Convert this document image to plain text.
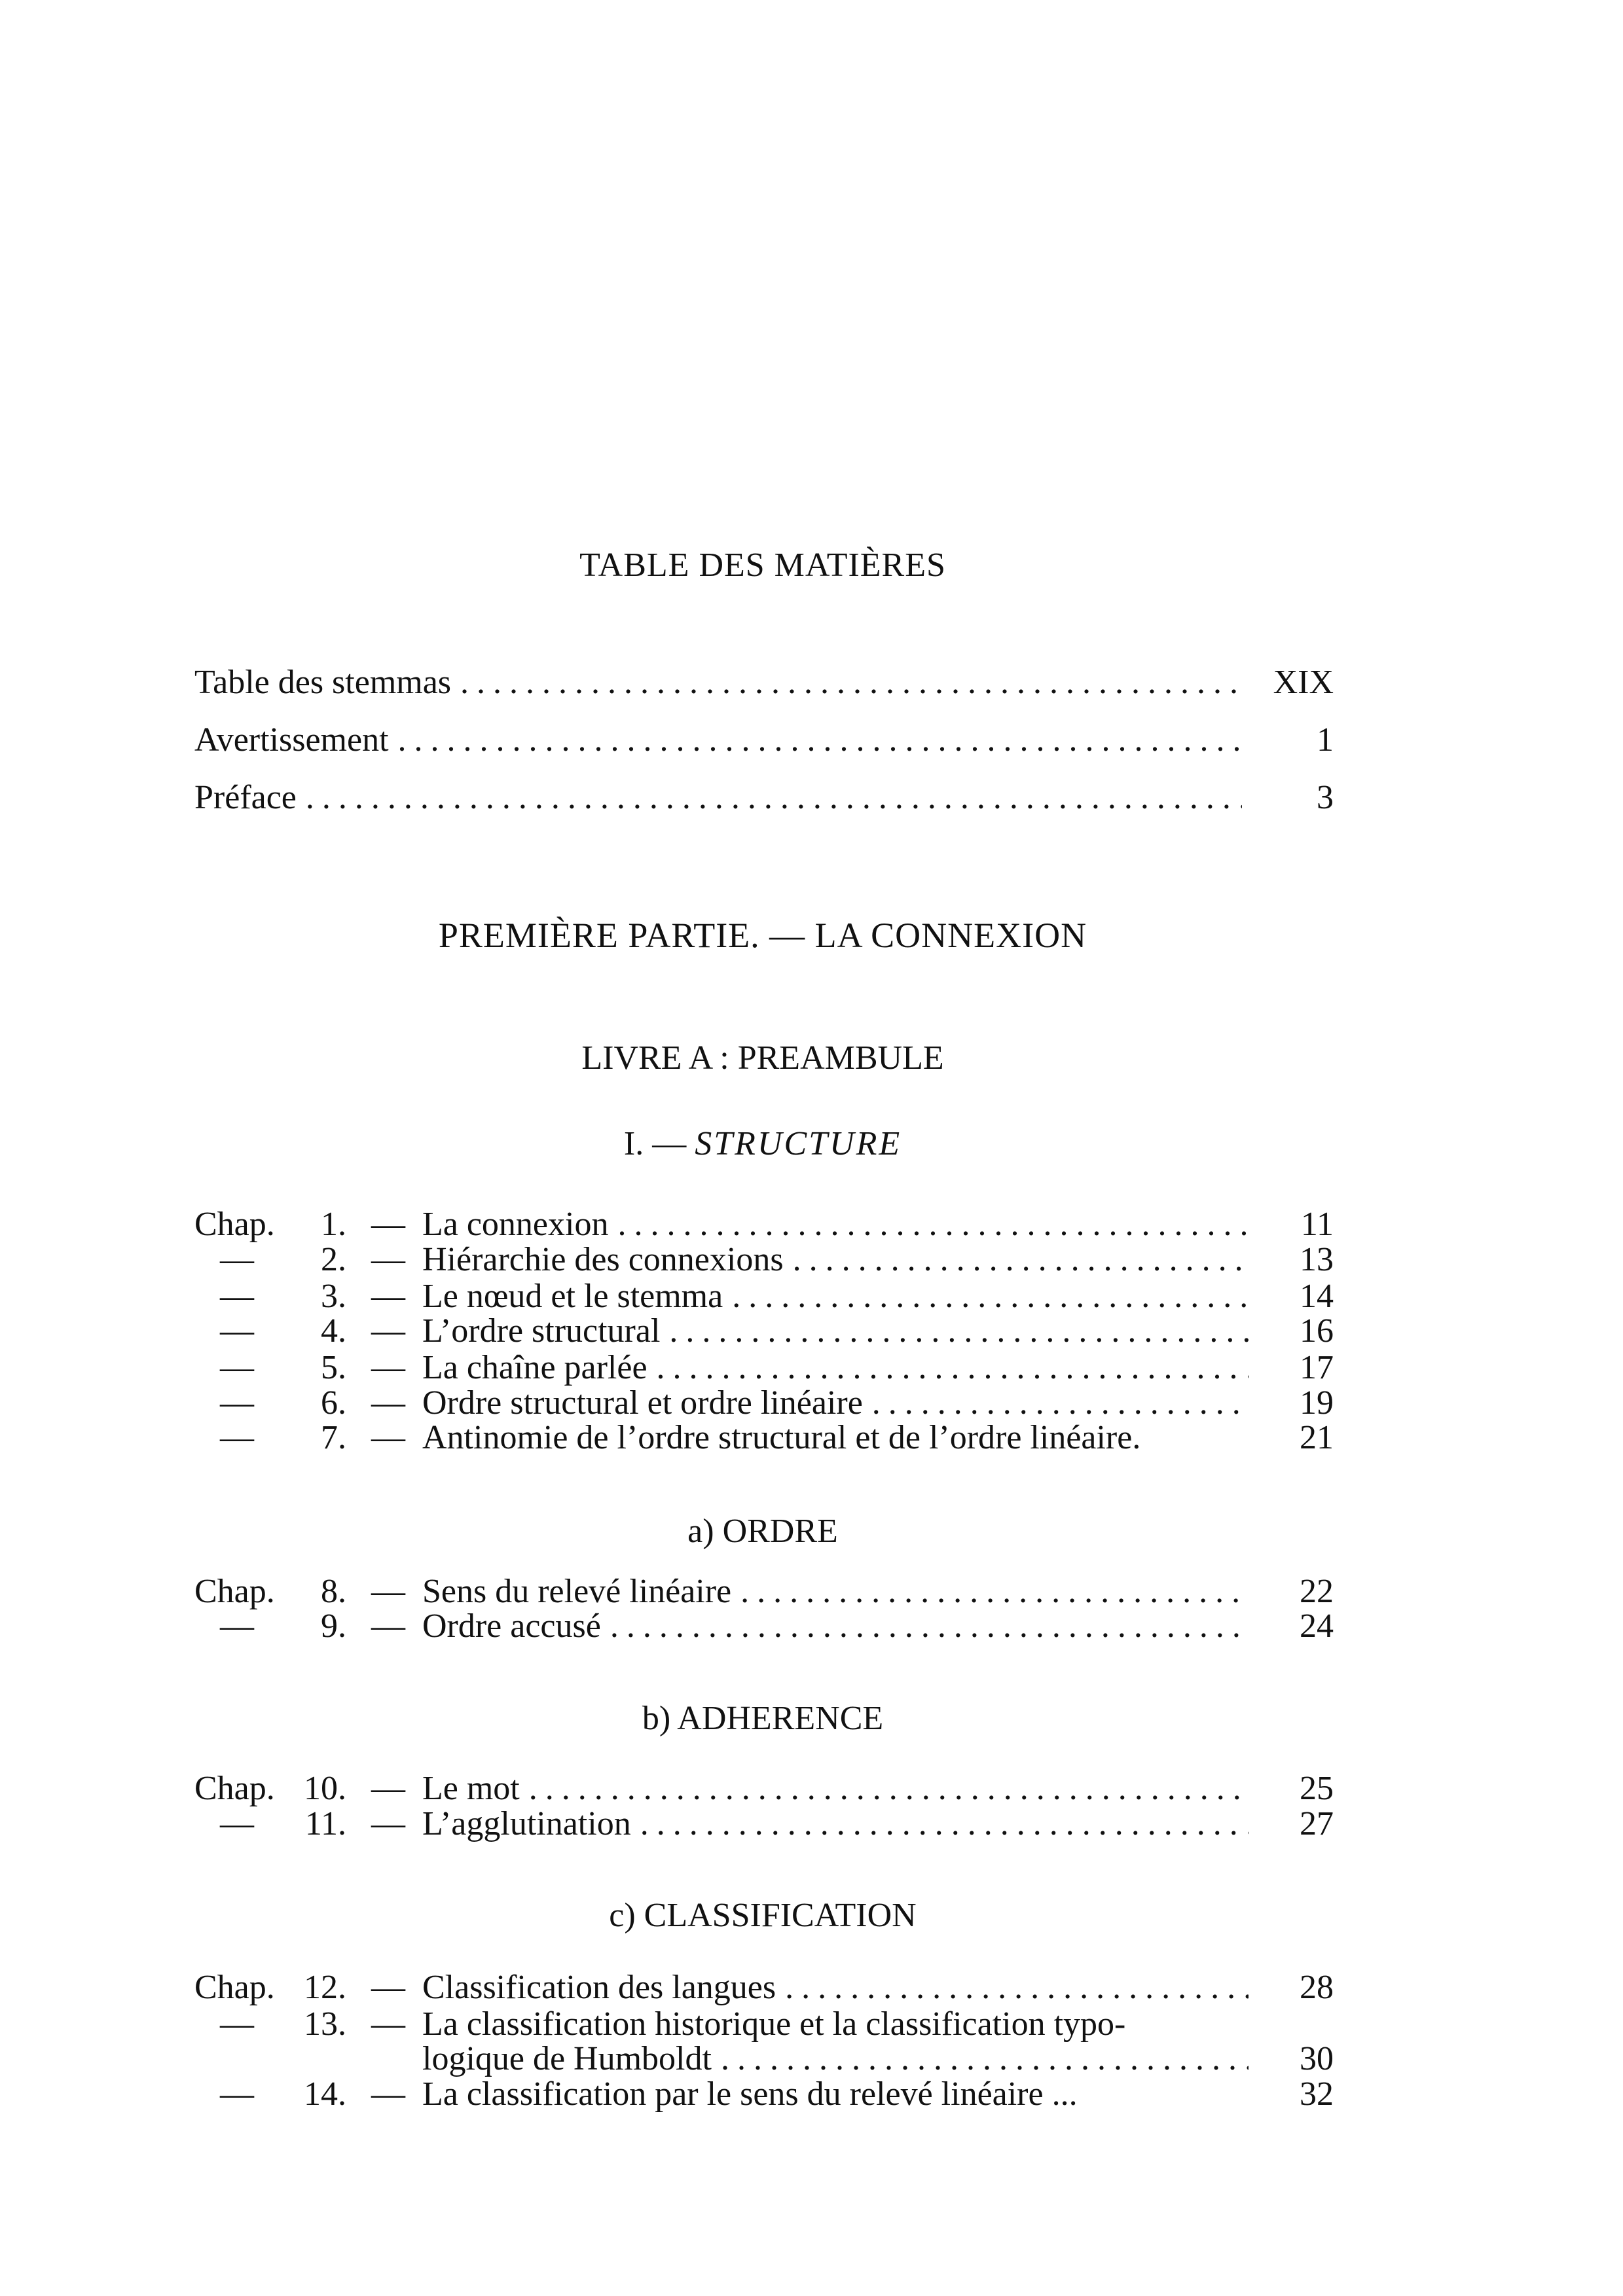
TABLE DES MATIÈRES
Table des stemmas . . .	XIX
Avertissement . . .	1
Préface . . .	3
PREMIÈRE PARTIE. — LA CONNEXION
LIVRE A : PREAMBULE
I. — STRUCTURE
Chap.	1. — La connexion . . .	11
—	2. — Hiérarchie des connexions . . .	13
—	3. — Le nœud et le stemma . . .	14
—	4. — L’ordre structural . . .	16
—	5. — La chaîne parlée . . .	17
—	6. — Ordre structural et ordre linéaire . . .	19
—	7. — Antinomie de l’ordre structural et de l’ordre linéaire.	21
Chap.	8. — Sens du relevé linéaire . . .	22
—	9. — Ordre accusé . . .	24
Chap. 10. — Le mot . . .	25
—	11. — L’agglutination . . .	27
Chap. 12. — Classification des langues . . .	28
—	13. — La classification historique et la classification typo-
logique de Humboldt . . .	30
—	14. — La classification par le sens du relevé linéaire ...	32
a) ORDRE
b) ADHERENCE
c) CLASSIFICATION
